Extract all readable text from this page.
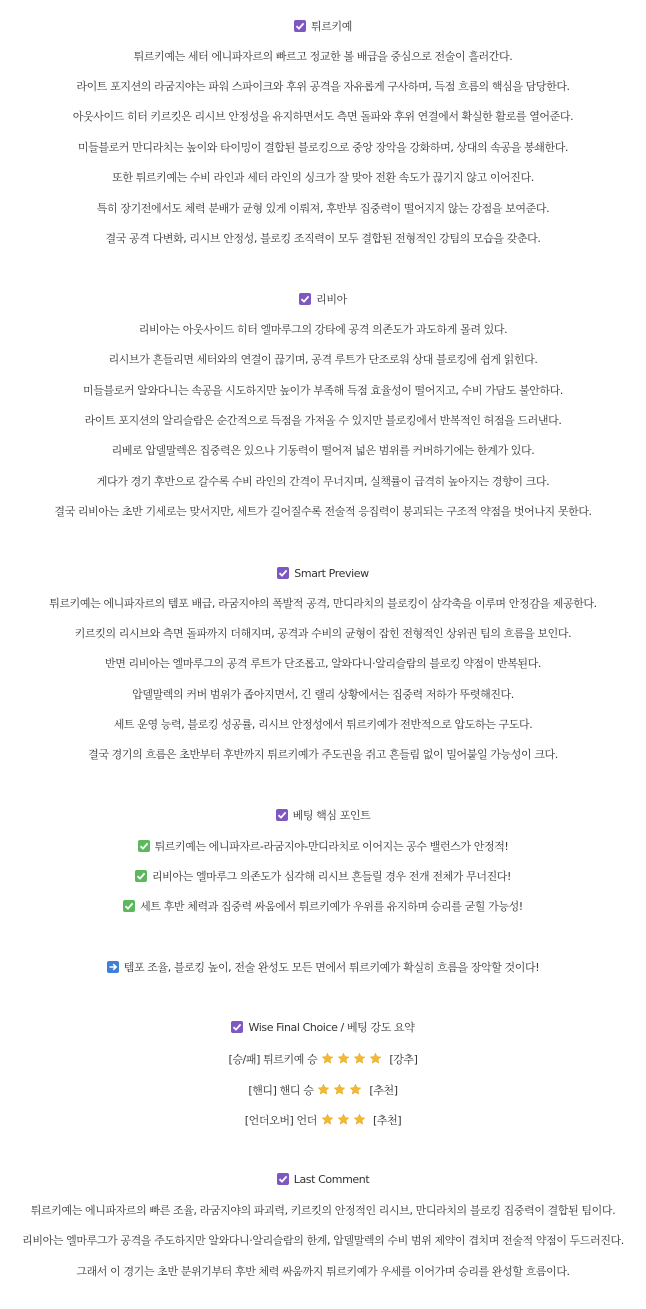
튀르키예
튀르키예는 세터 에니파자르의 빠르고 정교한 볼 배급을 중심으로 전술이 흘러간다.
라이트 포지션의 라굼지야는 파워 스파이크와 후위 공격을 자유롭게 구사하며, 득점 흐름의 핵심을 담당한다.
아웃사이드 히터 키르킷은 리시브 안정성을 유지하면서도 측면 돌파와 후위 연결에서 확실한 활로를 열어준다.
미들블로커 만디라치는 높이와 타이밍이 결합된 블로킹으로 중앙 장악을 강화하며, 상대의 속공을 봉쇄한다.
또한 튀르키예는 수비 라인과 세터 라인의 싱크가 잘 맞아 전환 속도가 끊기지 않고 이어진다.
특히 장기전에서도 체력 분배가 균형 있게 이뤄져, 후반부 집중력이 떨어지지 않는 강점을 보여준다.
결국 공격 다변화, 리시브 안정성, 블로킹 조직력이 모두 결합된 전형적인 강팀의 모습을 갖춘다.
리비아
리비아는 아웃사이드 히터 엘마루그의 강타에 공격 의존도가 과도하게 몰려 있다.
리시브가 흔들리면 세터와의 연결이 끊기며, 공격 루트가 단조로워 상대 블로킹에 쉽게 읽힌다.
미들블로커 알와다니는 속공을 시도하지만 높이가 부족해 득점 효율성이 떨어지고, 수비 가담도 불안하다.
라이트 포지션의 알리슬람은 순간적으로 득점을 가져올 수 있지만 블로킹에서 반복적인 허점을 드러낸다.
리베로 압델말렉은 집중력은 있으나 기동력이 떨어져 넓은 범위를 커버하기에는 한계가 있다.
게다가 경기 후반으로 갈수록 수비 라인의 간격이 무너지며, 실책률이 급격히 높아지는 경향이 크다.
결국 리비아는 초반 기세로는 맞서지만, 세트가 길어질수록 전술적 응집력이 붕괴되는 구조적 약점을 벗어나지 못한다.
Smart Preview
튀르키예는 에니파자르의 템포 배급, 라굼지야의 폭발적 공격, 만디라치의 블로킹이 삼각축을 이루며 안정감을 제공한다.
키르킷의 리시브와 측면 돌파까지 더해지며, 공격과 수비의 균형이 잡힌 전형적인 상위권 팀의 흐름을 보인다.
반면 리비아는 엘마루그의 공격 루트가 단조롭고, 알와다니·알리슬람의 블로킹 약점이 반복된다.
압델말렉의 커버 범위가 좁아지면서, 긴 랠리 상황에서는 집중력 저하가 뚜렷해진다.
세트 운영 능력, 블로킹 성공률, 리시브 안정성에서 튀르키예가 전반적으로 압도하는 구도다.
결국 경기의 흐름은 초반부터 후반까지 튀르키예가 주도권을 쥐고 흔들림 없이 밀어붙일 가능성이 크다.
베팅 핵심 포인트
튀르키예는 에니파자르-라굼지야-만디라치로 이어지는 공수 밸런스가 안정적!
리비아는 엘마루그 의존도가 심각해 리시브 흔들릴 경우 전개 전체가 무너진다!
세트 후반 체력과 집중력 싸움에서 튀르키예가 우위를 유지하며 승리를 굳힐 가능성!
템포 조율, 블로킹 높이, 전술 완성도 모든 면에서 튀르키예가 확실히 흐름을 장악할 것이다!
Wise Final Choice / 베팅 강도 요약
[승/패] 튀르키예 승	[강추]
[핸디] 핸디 승	[추천]
[언더오버] 언더	[추천]
Last Comment
튀르키예는 에니파자르의 빠른 조율, 라굼지야의 파괴력, 키르킷의 안정적인 리시브, 만디라치의 블로킹 집중력이 결합된 팀이다.
리비아는 엘마루그가 공격을 주도하지만 알와다니·알리슬람의 한계, 압델말렉의 수비 범위 제약이 겹치며 전술적 약점이 두드러진다.
그래서 이 경기는 초반 분위기부터 후반 체력 싸움까지 튀르키예가 우세를 이어가며 승리를 완성할 흐름이다.
